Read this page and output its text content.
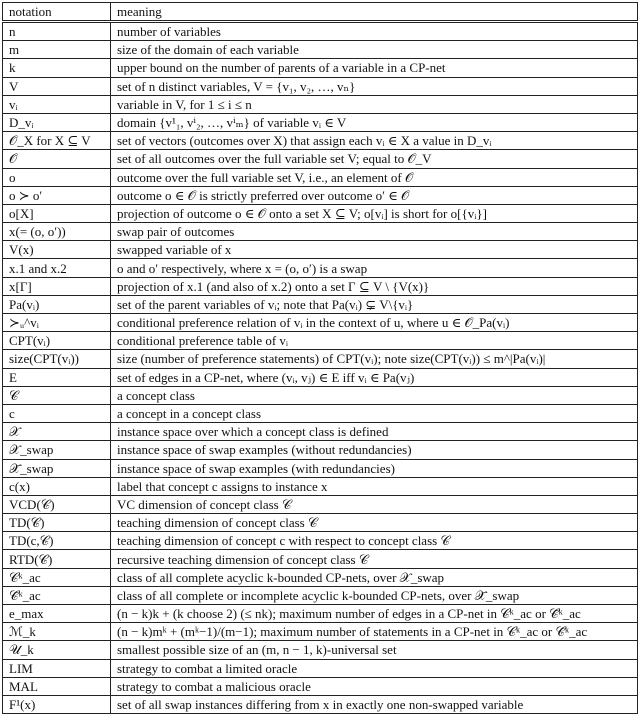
notation	meaning
n	number of variables
m	size of the domain of each variable
k	upper bound on the number of parents of a variable in a CP-net
V	set of n distinct variables, V = {v₁, v₂, …, vₙ}
vᵢ	variable in V, for 1 ≤ i ≤ n
D_vᵢ	domain {v¹₁, vⁱ₂, …, vⁱₘ} of variable vᵢ ∈ V
𝒪_X for X ⊆ V	set of vectors (outcomes over X) that assign each vᵢ ∈ X a value in D_vᵢ
𝒪	set of all outcomes over the full variable set V; equal to 𝒪_V
o	outcome over the full variable set V, i.e., an element of 𝒪
o ≻ o′	outcome o ∈ 𝒪 is strictly preferred over outcome o′ ∈ 𝒪
o[X]	projection of outcome o ∈ 𝒪 onto a set X ⊆ V; o[vᵢ] is short for o[{vᵢ}]
x(= (o, o′))	swap pair of outcomes
V(x)	swapped variable of x
x.1 and x.2	o and o′ respectively, where x = (o, o′) is a swap
x[Γ]	projection of x.1 (and also of x.2) onto a set Γ ⊆ V \ {V(x)}
Pa(vᵢ)	set of the parent variables of vᵢ; note that Pa(vᵢ) ⊊ V\{vᵢ}
≻ᵤ^vᵢ	conditional preference relation of vᵢ in the context of u, where u ∈ 𝒪_Pa(vᵢ)
CPT(vᵢ)	conditional preference table of vᵢ
size(CPT(vᵢ))	size (number of preference statements) of CPT(vᵢ); note size(CPT(vᵢ)) ≤ m^|Pa(vᵢ)|
E	set of edges in a CP-net, where (vᵢ, vⱼ) ∈ E iff vᵢ ∈ Pa(vⱼ)
𝒞	a concept class
c	a concept in a concept class
𝒳	instance space over which a concept class is defined
𝒳_swap	instance space of swap examples (without redundancies)
𝒳̄_swap	instance space of swap examples (with redundancies)
c(x)	label that concept c assigns to instance x
VCD(𝒞)	VC dimension of concept class 𝒞
TD(𝒞)	teaching dimension of concept class 𝒞
TD(c,𝒞)	teaching dimension of concept c with respect to concept class 𝒞
RTD(𝒞)	recursive teaching dimension of concept class 𝒞
𝒞ᵏ_ac	class of all complete acyclic k-bounded CP-nets, over 𝒳_swap
𝒞̄ᵏ_ac	class of all complete or incomplete acyclic k-bounded CP-nets, over 𝒳̄_swap
e_max	(n − k)k + (k choose 2) (≤ nk); maximum number of edges in a CP-net in 𝒞ᵏ_ac or 𝒞̄ᵏ_ac
ℳ_k	(n − k)mᵏ + (mᵏ−1)/(m−1); maximum number of statements in a CP-net in 𝒞ᵏ_ac or 𝒞̄ᵏ_ac
𝒰_k	smallest possible size of an (m, n − 1, k)-universal set
LIM	strategy to combat a limited oracle
MAL	strategy to combat a malicious oracle
F¹(x)	set of all swap instances differing from x in exactly one non-swapped variable
